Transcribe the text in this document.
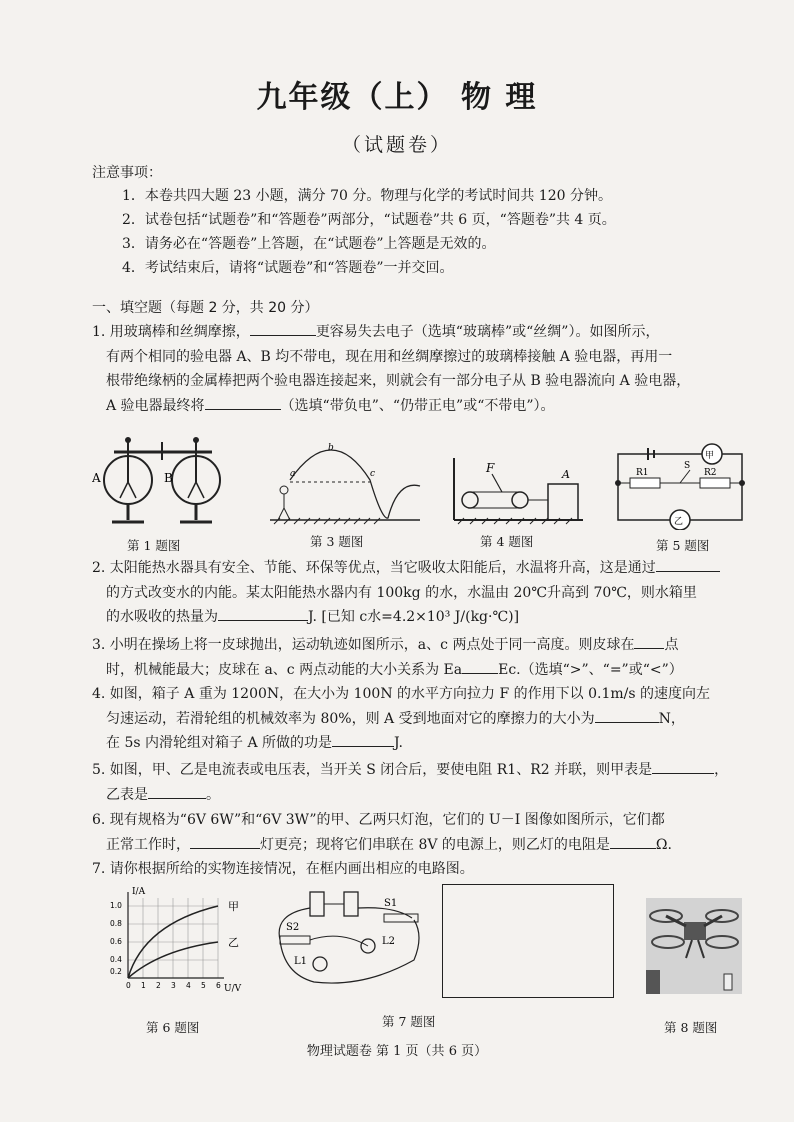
九年级（上） 物 理
（试题卷）
注意事项：
1．本卷共四大题 23 小题，满分 70 分。物理与化学的考试时间共 120 分钟。
2．试卷包括“试题卷”和“答题卷”两部分，“试题卷”共 6 页，“答题卷”共 4 页。
3．请务必在“答题卷”上答题，在“试题卷”上答题是无效的。
4．考试结束后，请将“试题卷”和“答题卷”一并交回。
一、填空题（每题 2 分，共 20 分）
1. 用玻璃棒和丝绸摩擦，	更容易失去电子（选填“玻璃棒”或“丝绸”）。如图所示，
有两个相同的验电器 A、B 均不带电，现在用和丝绸摩擦过的玻璃棒接触 A 验电器，再用一
根带绝缘柄的金属棒把两个验电器连接起来，则就会有一部分电子从 B 验电器流向 A 验电器，
A 验电器最终将	（选填“带负电”、“仍带正电”或“不带电”）。
A	B
第 1 题图
a
b
c
第 3 题图
F	A
第 4 题图
甲
R1	R2
S
乙
第 5 题图
2. 太阳能热水器具有安全、节能、环保等优点，当它吸收太阳能后，水温将升高，这是通过
的方式改变水的内能。某太阳能热水器内有 100kg 的水，水温由 20℃升高到 70℃，则水箱里
的水吸收的热量为	J. [已知 c水=4.2×10³ J/(kg·℃)]
3. 小明在操场上将一皮球抛出，运动轨迹如图所示，a、c 两点处于同一高度。则皮球在 点
时，机械能最大；皮球在 a、c 两点动能的大小关系为 Ea	Ec.（选填“>”、“=”或“<”）
4. 如图，箱子 A 重为 1200N，在大小为 100N 的水平方向拉力 F 的作用下以 0.1m/s 的速度向左
匀速运动，若滑轮组的机械效率为 80%，则 A 受到地面对它的摩擦力的大小为	N，
在 5s 内滑轮组对箱子 A 所做的功是	J.
5. 如图，甲、乙是电流表或电压表，当开关 S 闭合后，要使电阻 R1、R2 并联，则甲表是	，
乙表是	。
6. 现有规格为“6V 6W”和“6V 3W”的甲、乙两只灯泡，它们的 U－I 图像如图所示，它们都
正常工作时，	灯更亮；现将它们串联在 8V 的电源上，则乙灯的电阻是	Ω.
7. 请你根据所给的实物连接情况，在框内画出相应的电路图。
I/A
U/V
甲
乙
1.0
0.8
0.6
0.4
0.2
0 1 2 3 4 5 6
第 6 题图
S1
S2
L1
L2
第 7 题图	第 8 题图
物理试题卷 第 1 页（共 6 页）
